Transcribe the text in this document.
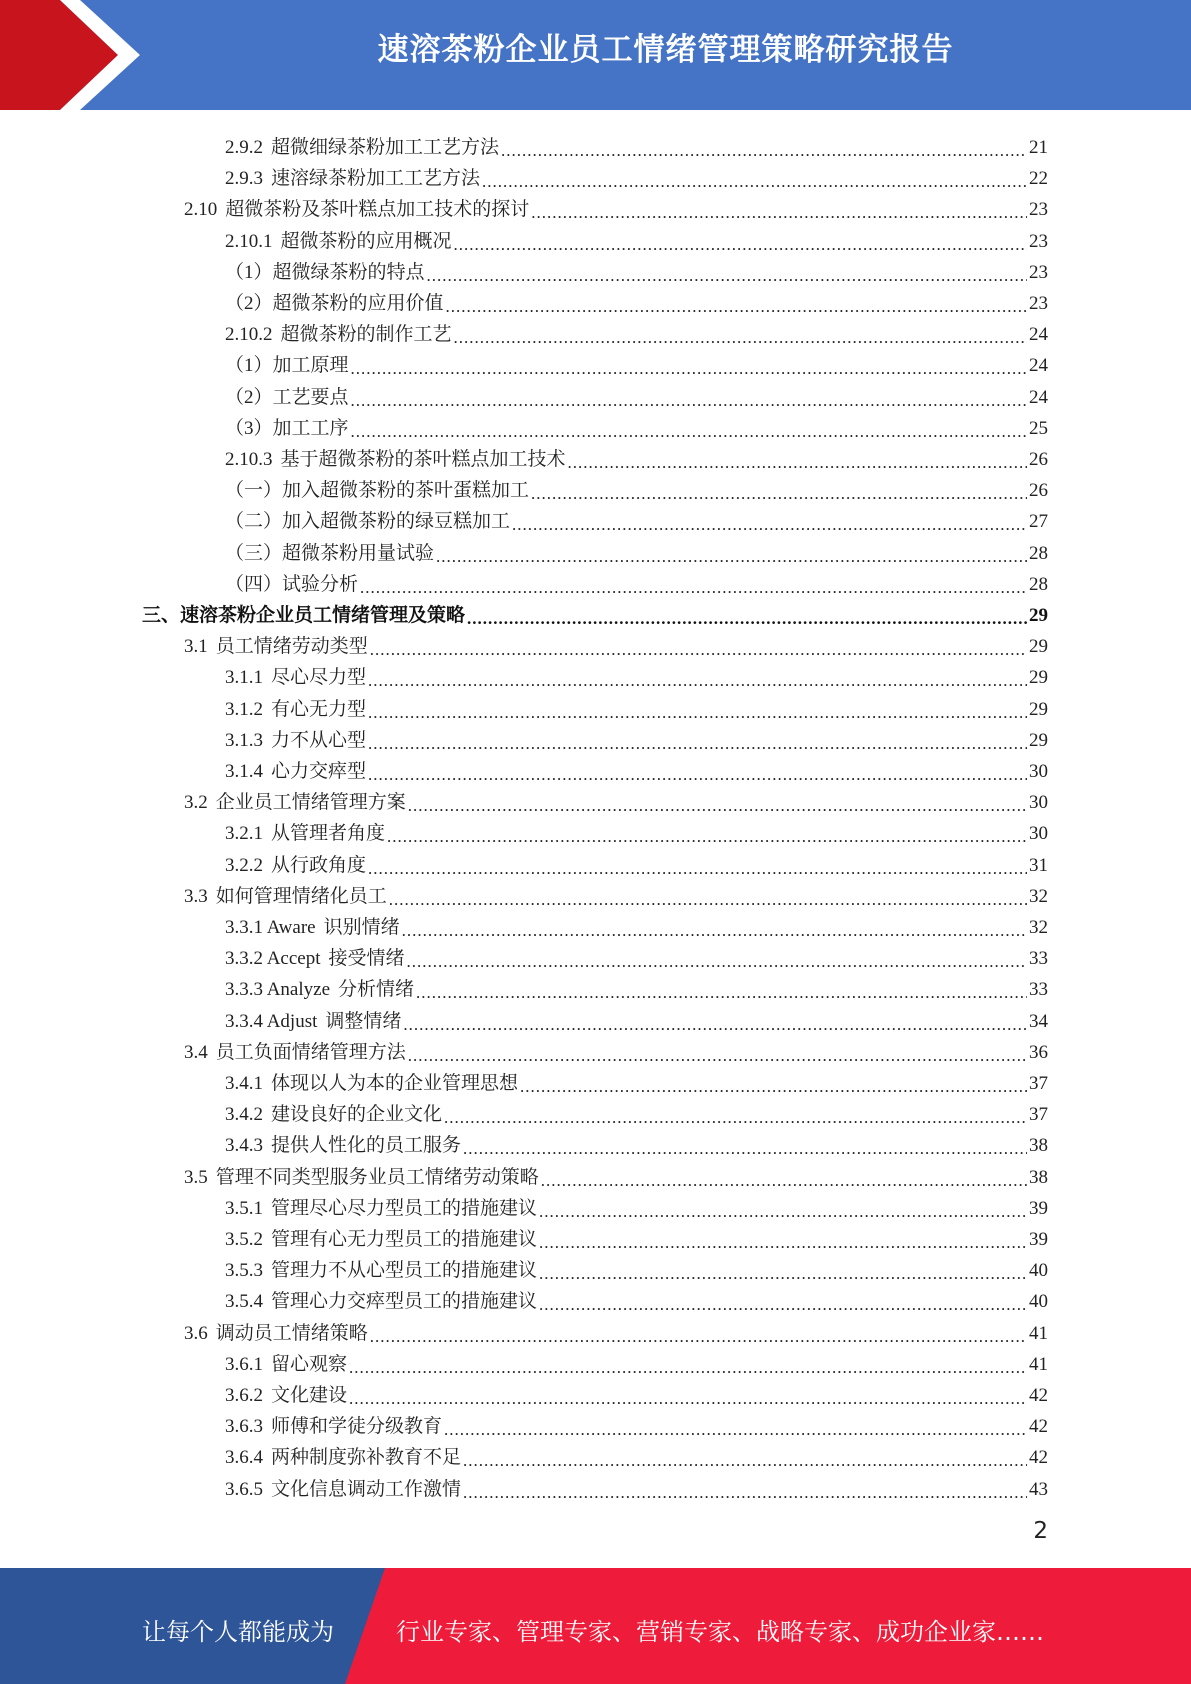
速溶茶粉企业员工情绪管理策略研究报告
2.9.2 超微细绿茶粉加工工艺方法 .....	21
2.9.3 速溶绿茶粉加工工艺方法 .....	22
2.10 超微茶粉及茶叶糕点加工技术的探讨 .....	23
2.10.1 超微茶粉的应用概况 .....	23
（1）超微绿茶粉的特点 .....	23
（2）超微茶粉的应用价值 .....	23
2.10.2 超微茶粉的制作工艺 .....	24
（1）加工原理 .....	24
（2）工艺要点 .....	24
（3）加工工序 .....	25
2.10.3 基于超微茶粉的茶叶糕点加工技术 .....	26
（一）加入超微茶粉的茶叶蛋糕加工 .....	26
（二）加入超微茶粉的绿豆糕加工 .....	27
（三）超微茶粉用量试验 .....	28
（四）试验分析 .....	28
三、速溶茶粉企业员工情绪管理及策略 .....	29
3.1 员工情绪劳动类型 .....	29
3.1.1 尽心尽力型 .....	29
3.1.2 有心无力型 .....	29
3.1.3 力不从心型 .....	29
3.1.4 心力交瘁型 .....	30
3.2 企业员工情绪管理方案 .....	30
3.2.1 从管理者角度 .....	30
3.2.2 从行政角度 .....	31
3.3 如何管理情绪化员工 .....	32
3.3.1 Aware 识别情绪 .....	32
3.3.2 Accept 接受情绪 .....	33
3.3.3 Analyze 分析情绪 .....	33
3.3.4 Adjust 调整情绪 .....	34
3.4 员工负面情绪管理方法 .....	36
3.4.1 体现以人为本的企业管理思想 .....	37
3.4.2 建设良好的企业文化 .....	37
3.4.3 提供人性化的员工服务 .....	38
3.5 管理不同类型服务业员工情绪劳动策略 .....	38
3.5.1 管理尽心尽力型员工的措施建议 .....	39
3.5.2 管理有心无力型员工的措施建议 .....	39
3.5.3 管理力不从心型员工的措施建议 .....	40
3.5.4 管理心力交瘁型员工的措施建议 .....	40
3.6 调动员工情绪策略 .....	41
3.6.1 留心观察 .....	41
3.6.2 文化建设 .....	42
3.6.3 师傅和学徒分级教育 .....	42
3.6.4 两种制度弥补教育不足 .....	42
3.6.5 文化信息调动工作激情 .....	43
2
让每个人都能成为	行业专家、管理专家、营销专家、战略专家、成功企业家……
